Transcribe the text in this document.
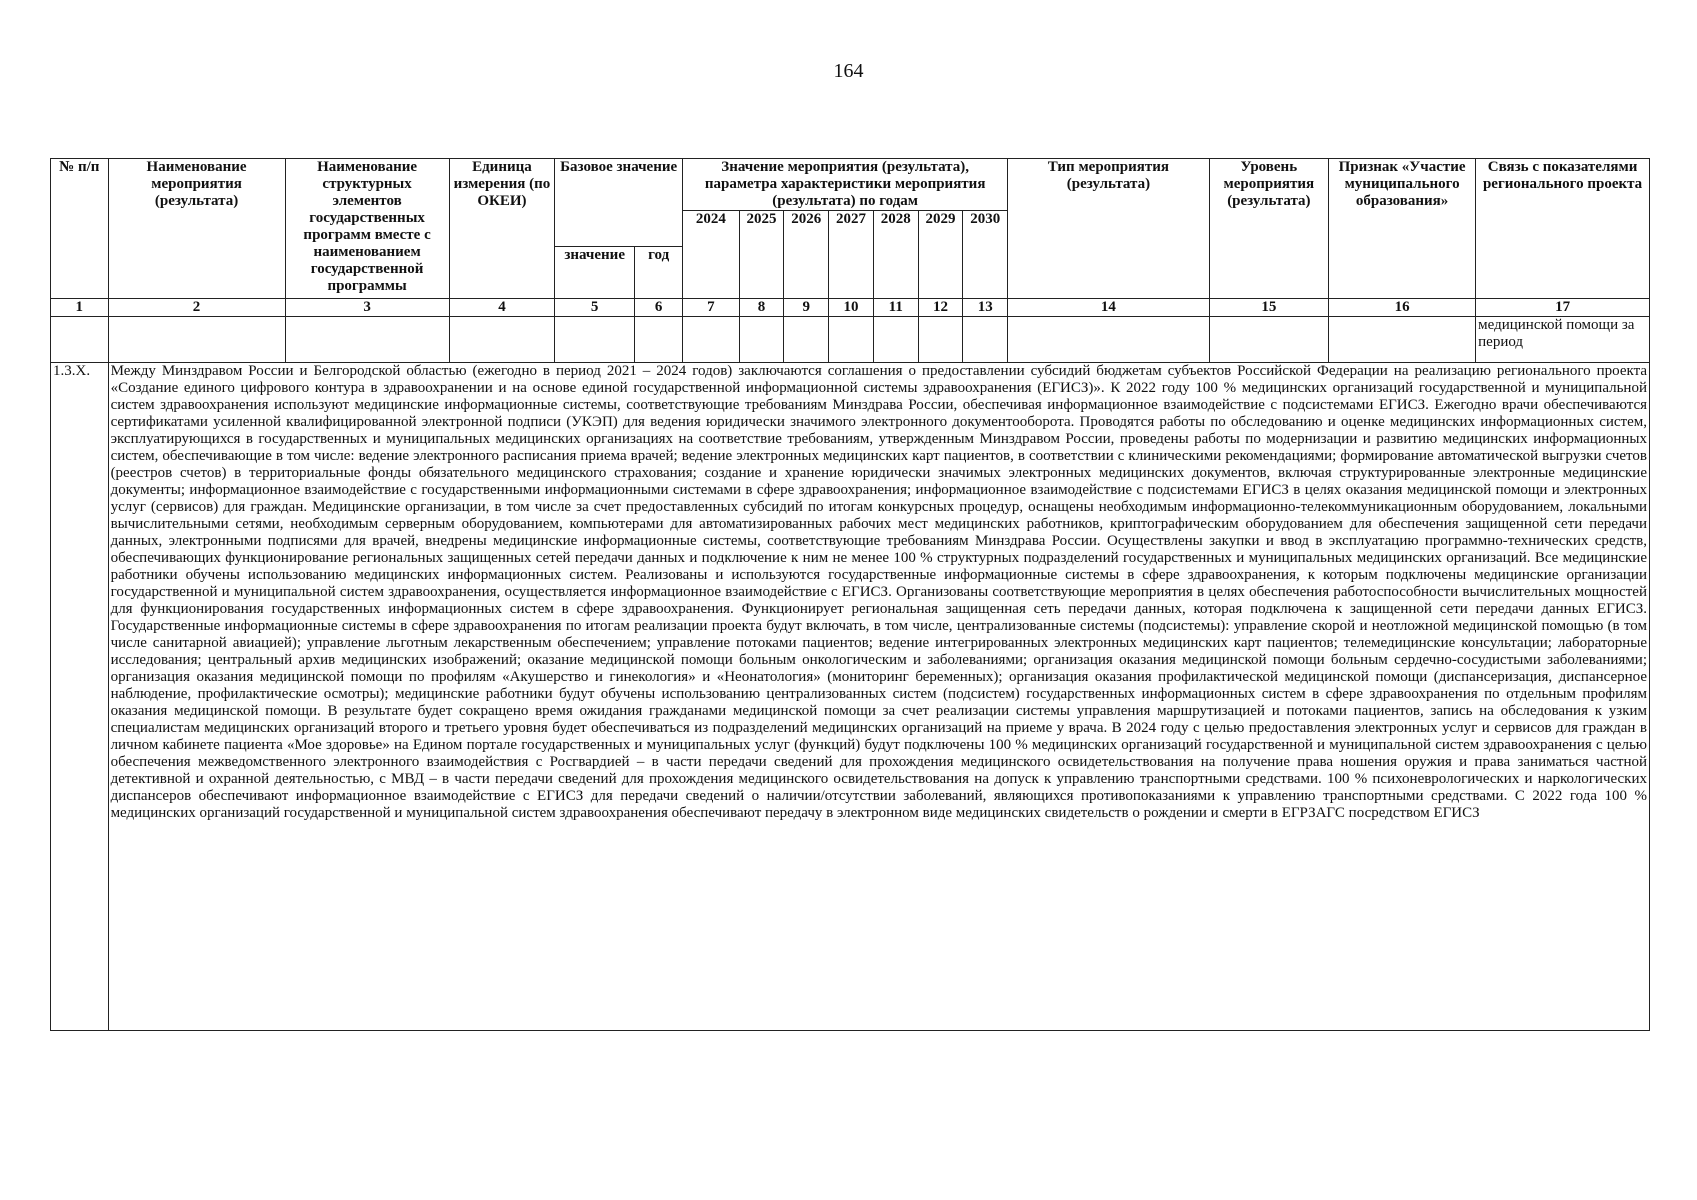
164
№ п/п	Наименование мероприятия (результата)	Наименование структурных элементов государственных программ вместе с наименованием государственной программы	Единица измерения (по ОКЕИ)	Базовое значение		Значение мероприятия (результата), параметра характеристики мероприятия (результата) по годам							Тип мероприятия (результата)	Уровень мероприятия (результата)	Признак «Участие муниципального образования»	Связь с показателями регионального проекта
						2024	2025	2026	2027	2028	2029	2030				
				значение	год											
1	2	3	4	5	6	7	8	9	10	11	12	13	14	15	16	17
																медицинской помощи за период
1.3.Х.	Между Минздравом России и Белгородской областью (ежегодно в период 2021 – 2024 годов) заключаются соглашения о предоставлении субсидий бюджетам субъектов Российской Федерации на реализацию регионального проекта «Создание единого цифрового контура в здравоохранении и на основе единой государственной информационной системы здравоохранения (ЕГИСЗ)». К 2022 году 100 % медицинских организаций государственной и муниципальной систем здравоохранения используют медицинские информационные системы, соответствующие требованиям Минздрава России, обеспечивая информационное взаимодействие с подсистемами ЕГИСЗ. Ежегодно врачи обеспечиваются сертификатами усиленной квалифицированной электронной подписи (УКЭП) для ведения юридически значимого электронного документооборота. Проводятся работы по обследованию и оценке медицинских информационных систем, эксплуатирующихся в государственных и муниципальных медицинских организациях на соответствие требованиям, утвержденным Минздравом России, проведены работы по модернизации и развитию медицинских информационных систем, обеспечивающие в том числе: ведение электронного расписания приема врачей; ведение электронных медицинских карт пациентов, в соответствии с клиническими рекомендациями; формирование автоматической выгрузки счетов (реестров счетов) в территориальные фонды обязательного медицинского страхования; создание и хранение юридически значимых электронных медицинских документов, включая структурированные электронные медицинские документы; информационное взаимодействие с государственными информационными системами в сфере здравоохранения; информационное взаимодействие с подсистемами ЕГИСЗ в целях оказания медицинской помощи и электронных услуг (сервисов) для граждан. Медицинские организации, в том числе за счет предоставленных субсидий по итогам конкурсных процедур, оснащены необходимым информационно-телекоммуникационным оборудованием, локальными вычислительными сетями, необходимым серверным оборудованием, компьютерами для автоматизированных рабочих мест медицинских работников, криптографическим оборудованием для обеспечения защищенной сети передачи данных, электронными подписями для врачей, внедрены медицинские информационные системы, соответствующие требованиям Минздрава России. Осуществлены закупки и ввод в эксплуатацию программно-технических средств, обеспечивающих функционирование региональных защищенных сетей передачи данных и подключение к ним не менее 100 % структурных подразделений государственных и муниципальных медицинских организаций. Все медицинские работники обучены использованию медицинских информационных систем. Реализованы и используются государственные информационные системы в сфере здравоохранения, к которым подключены медицинские организации государственной и муниципальной систем здравоохранения, осуществляется информационное взаимодействие с ЕГИСЗ. Организованы соответствующие мероприятия в целях обеспечения работоспособности вычислительных мощностей для функционирования государственных информационных систем в сфере здравоохранения. Функционирует региональная защищенная сеть передачи данных, которая подключена к защищенной сети передачи данных ЕГИСЗ. Государственные информационные системы в сфере здравоохранения по итогам реализации проекта будут включать, в том числе, централизованные системы (подсистемы): управление скорой и неотложной медицинской помощью (в том числе санитарной авиацией); управление льготным лекарственным обеспечением; управление потоками пациентов; ведение интегрированных электронных медицинских карт пациентов; телемедицинские консультации; лабораторные исследования; центральный архив медицинских изображений; оказание медицинской помощи больным онкологическим и заболеваниями; организация оказания медицинской помощи больным сердечно-сосудистыми заболеваниями; организация оказания медицинской помощи по профилям «Акушерство и гинекология» и «Неонатология» (мониторинг беременных); организация оказания профилактической медицинской помощи (диспансеризация, диспансерное наблюдение, профилактические осмотры); медицинские работники будут обучены использованию централизованных систем (подсистем) государственных информационных систем в сфере здравоохранения по отдельным профилям оказания медицинской помощи. В результате будет сокращено время ожидания гражданами медицинской помощи за счет реализации системы управления маршрутизацией и потоками пациентов, запись на обследования к узким специалистам медицинских организаций второго и третьего уровня будет обеспечиваться из подразделений медицинских организаций на приеме у врача. В 2024 году с целью предоставления электронных услуг и сервисов для граждан в личном кабинете пациента «Мое здоровье» на Едином портале государственных и муниципальных услуг (функций) будут подключены 100 % медицинских организаций государственной и муниципальной систем здравоохранения с целью обеспечения межведомственного электронного взаимодействия с Росгвардией – в части передачи сведений для прохождения медицинского освидетельствования на получение права ношения оружия и права заниматься частной детективной и охранной деятельностью, с МВД – в части передачи сведений для прохождения медицинского освидетельствования на допуск к управлению транспортными средствами. 100 % психоневрологических и наркологических диспансеров обеспечивают информационное взаимодействие с ЕГИСЗ для передачи сведений о наличии/отсутствии заболеваний, являющихся противопоказаниями к управлению транспортными средствами. С 2022 года 100 % медицинских организаций государственной и муниципальной систем здравоохранения обеспечивают передачу в электронном виде медицинских свидетельств о рождении и смерти в ЕГРЗАГС посредством ЕГИСЗ															
